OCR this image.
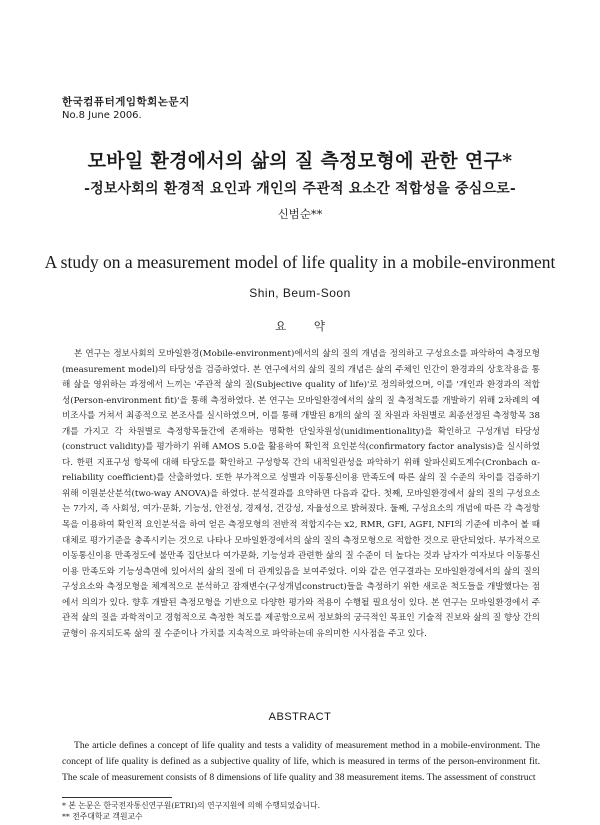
한국컴퓨터게임학회논문지
No.8 June 2006.
모바일 환경에서의 삶의 질 측정모형에 관한 연구*
-정보사회의 환경적 요인과 개인의 주관적 요소간 적합성을 중심으로-
신범순**
A study on a measurement model of life quality in a mobile-environment
Shin, Beum-Soon
요 약

본 연구는 정보사회의 모바일환경(Mobile-environment)에서의 삶의 질의 개념을 정의하고 구성요소를 파악하여 측정모형(measurement model)의 타당성을 검증하였다. 본 연구에서의 삶의 질의 개념은 삶의 주체인 인간이 환경과의 상호작용을 통해 삶을 영위하는 과정에서 느끼는 '주관적 삶의 질(Subjective quality of life)'로 정의하였으며, 이를 '개인과 환경과의 적합성(Person-environment fit)'을 통해 측정하였다. 본 연구는 모바일환경에서의 삶의 질 측정척도를 개발하기 위해 2차례의 예비조사를 거쳐서 최종적으로 본조사를 실시하였으며, 이를 통해 개발된 8개의 삶의 질 차원과 차원별로 최종선정된 측정항목 38개를 가지고 각 차원별로 측정항목들간에 존재하는 명확한 단일차원성(unidimentionality)을 확인하고 구성개념 타당성(construct validity)를 평가하기 위해 AMOS 5.0을 활용하여 확인적 요인분석(confirmatory factor analysis)을 실시하였다. 한편 지표구성 항목에 대해 타당도를 확인하고 구성항목 간의 내적일관성을 파악하기 위해 알파신뢰도계수(Cronbach α-reliability coefficient)를 산출하였다. 또한 부가적으로 성별과 이동통신이용 만족도에 따른 삶의 질 수준의 차이를 검증하기 위해 이원분산분석(two-way ANOVA)을 하였다. 분석결과를 요약하면 다음과 같다. 첫째, 모바일환경에서 삶의 질의 구성요소는 7가지, 즉 사회성, 여가·문화, 기능성, 안전성, 경제성, 건강성, 자율성으로 밝혀졌다. 둘째, 구성요소의 개념에 따른 각 측정항목을 이용하여 확인적 요인분석을 하여 얻은 측정모형의 전반적 적합지수는 x2, RMR, GFI, AGFI, NFI의 기준에 비추어 볼 때 대체로 평가기준을 충족시키는 것으로 나타나 모바일환경에서의 삶의 질의 측정모형으로 적합한 것으로 판단되었다. 부가적으로 이동통신이용 만족정도에 불만족 집단보다 여가문화, 기능성과 관련한 삶의 질 수준이 더 높다는 것과 남자가 여자보다 이동통신이용 만족도와 기능성측면에 있어서의 삶의 질에 더 관계있음을 보여주었다. 이와 같은 연구결과는 모바일환경에서의 삶의 질의 구성요소와 측정모형을 체계적으로 분석하고 잠재변수(구성개념construct)들을 측정하기 위한 새로운 척도들을 개발했다는 점에서 의의가 있다. 향후 개발된 측정모형을 기반으로 다양한 평가와 적용이 수행될 필요성이 있다. 본 연구는 모바일환경에서 주관적 삶의 질을 과학적이고 경험적으로 측정한 척도를 제공함으로써 정보화의 궁극적인 목표인 기술적 진보와 삶의 질 향상 간의 균형이 유지되도록 삶의 질 수준이나 가치를 지속적으로 파악하는데 유의미한 시사점을 주고 있다.

ABSTRACT

The article defines a concept of life quality and tests a validity of measurement method in a mobile-environment. The concept of life quality is defined as a subjective quality of life, which is measured in terms of the person-environment fit. The scale of measurement consists of 8 dimensions of life quality and 38 measurement items. The assessment of construct

* 본 논문은 한국전자통신연구원(ETRI)의 연구지원에 의해 수행되었습니다.
** 전주대학교 객원교수
